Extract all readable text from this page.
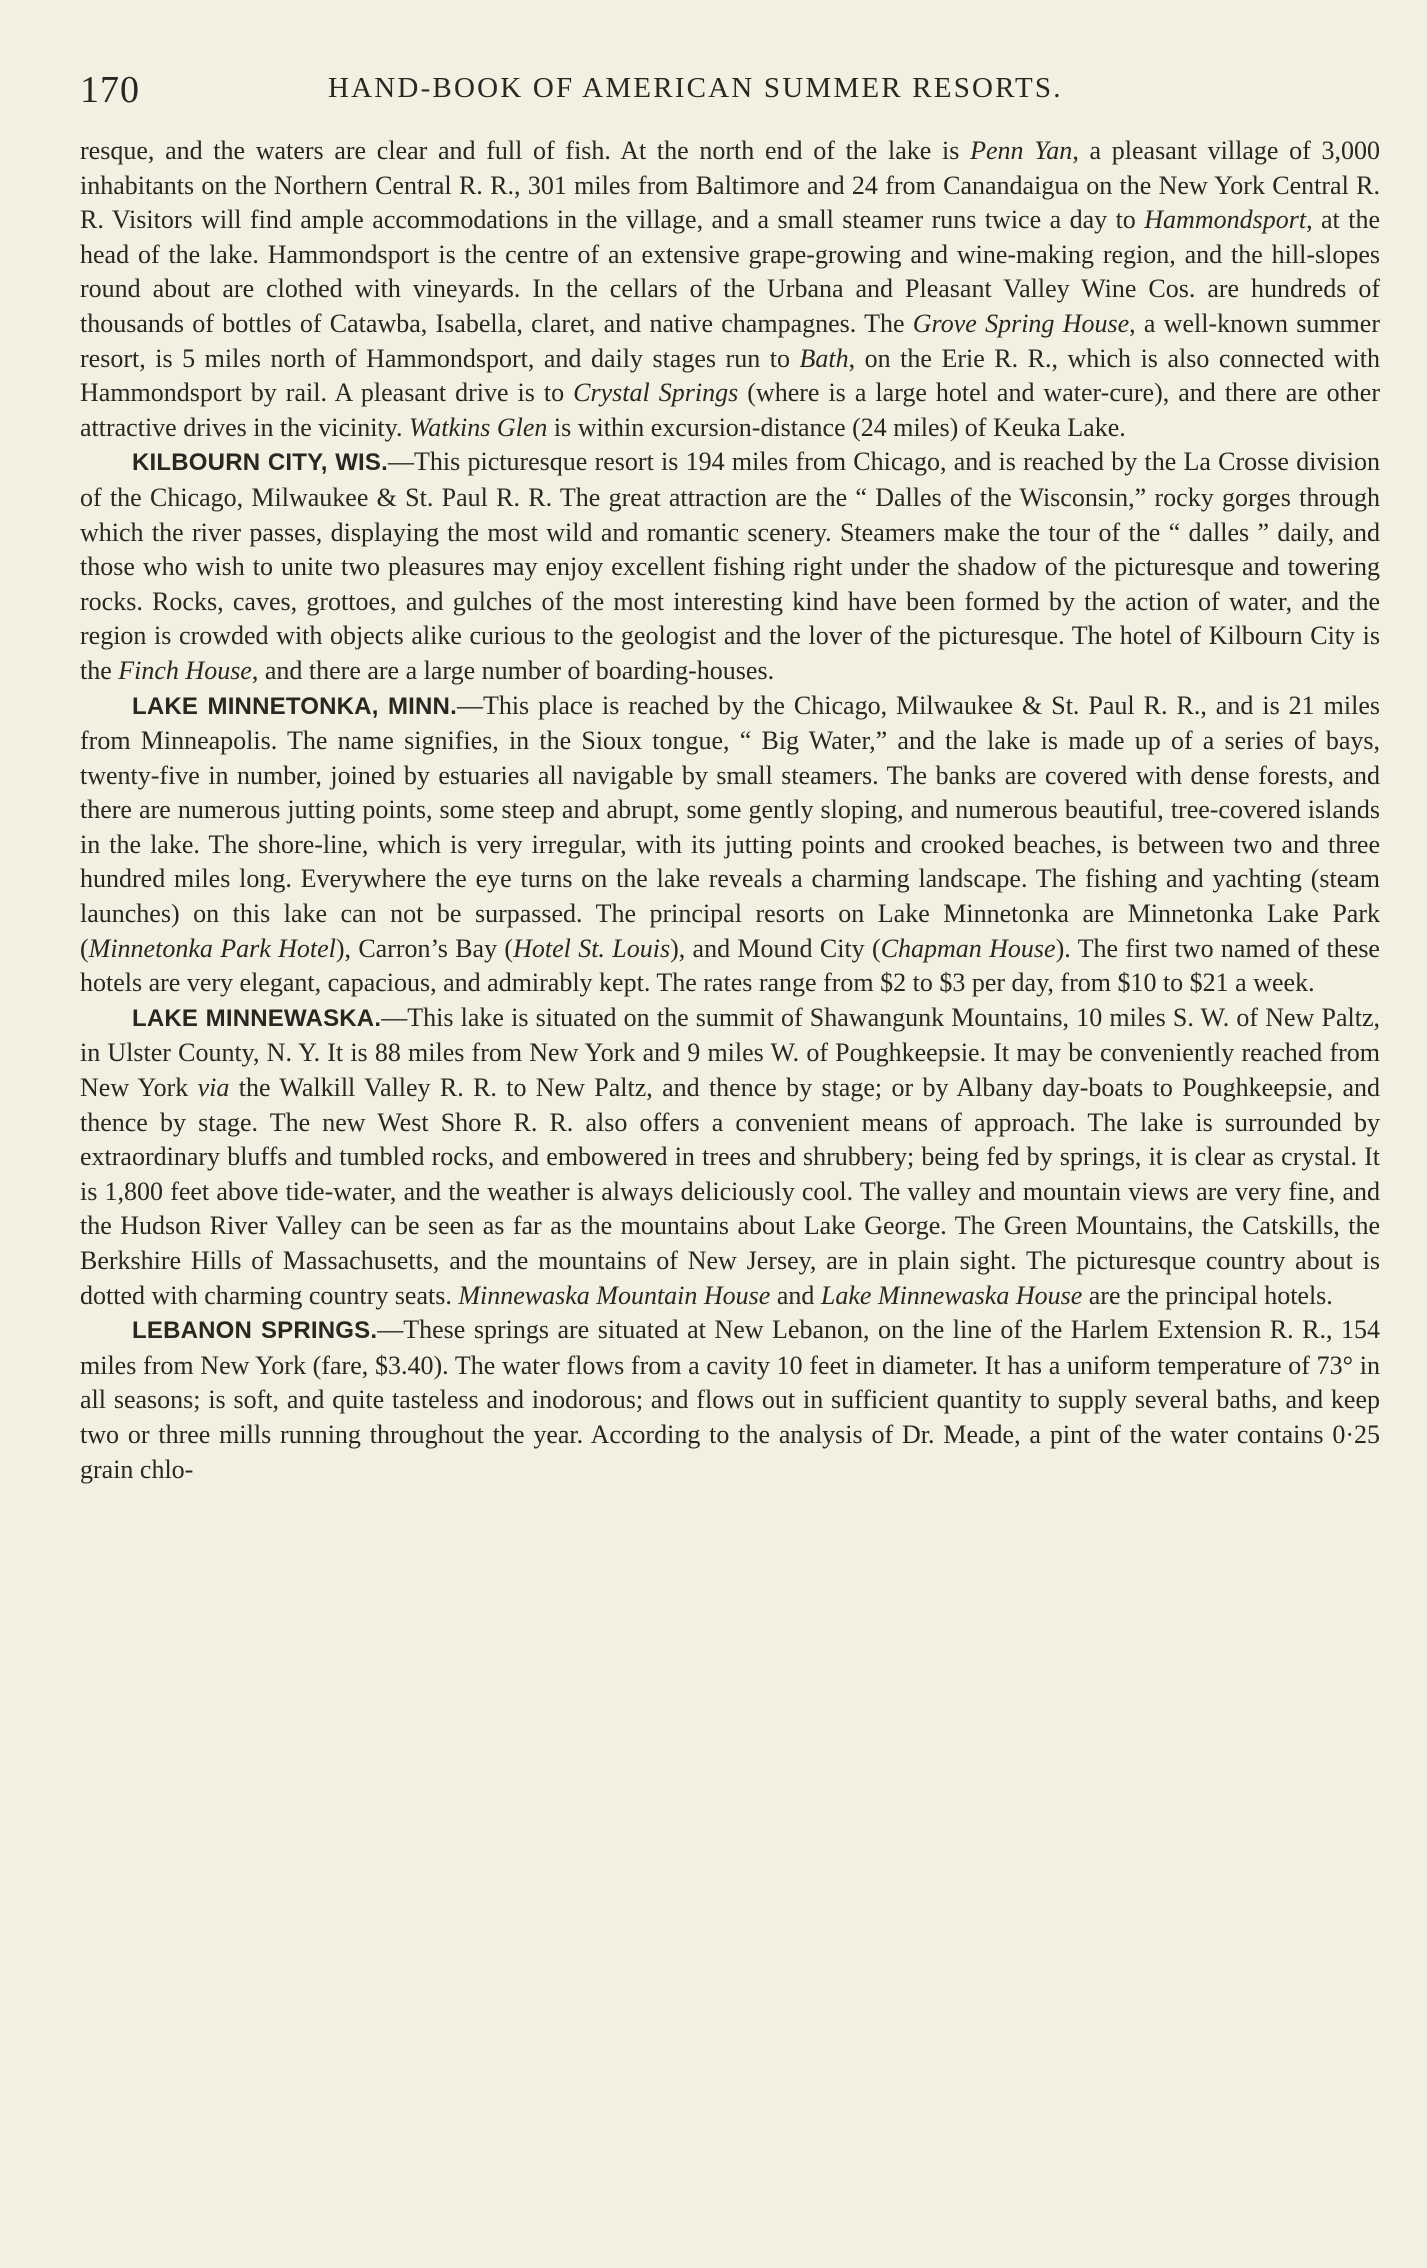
170	HAND-BOOK OF AMERICAN SUMMER RESORTS.

resque, and the waters are clear and full of fish. At the north end of the lake is Penn Yan, a pleasant village of 3,000 inhabitants on the Northern Central R. R., 301 miles from Baltimore and 24 from Canandaigua on the New York Central R. R. Visitors will find ample accommodations in the village, and a small steamer runs twice a day to Hammondsport, at the head of the lake. Hammondsport is the centre of an extensive grape-growing and wine-making region, and the hill-slopes round about are clothed with vineyards. In the cellars of the Urbana and Pleasant Valley Wine Cos. are hundreds of thousands of bottles of Catawba, Isabella, claret, and native champagnes. The Grove Spring House, a well-known summer resort, is 5 miles north of Hammondsport, and daily stages run to Bath, on the Erie R. R., which is also connected with Hammondsport by rail. A pleasant drive is to Crystal Springs (where is a large hotel and water-cure), and there are other attractive drives in the vicinity. Watkins Glen is within excursion-distance (24 miles) of Keuka Lake.

KILBOURN CITY, WIS.—This picturesque resort is 194 miles from Chicago, and is reached by the La Crosse division of the Chicago, Milwaukee & St. Paul R. R. The great attraction are the “ Dalles of the Wisconsin,” rocky gorges through which the river passes, displaying the most wild and romantic scenery. Steamers make the tour of the “ dalles ” daily, and those who wish to unite two pleasures may enjoy excellent fishing right under the shadow of the picturesque and towering rocks. Rocks, caves, grottoes, and gulches of the most interesting kind have been formed by the action of water, and the region is crowded with objects alike curious to the geologist and the lover of the picturesque. The hotel of Kilbourn City is the Finch House, and there are a large number of boarding-houses.

LAKE MINNETONKA, MINN.—This place is reached by the Chicago, Milwaukee & St. Paul R. R., and is 21 miles from Minneapolis. The name signifies, in the Sioux tongue, “ Big Water,” and the lake is made up of a series of bays, twenty-five in number, joined by estuaries all navigable by small steamers. The banks are covered with dense forests, and there are numerous jutting points, some steep and abrupt, some gently sloping, and numerous beautiful, tree-covered islands in the lake. The shore-line, which is very irregular, with its jutting points and crooked beaches, is between two and three hundred miles long. Everywhere the eye turns on the lake reveals a charming landscape. The fishing and yachting (steam launches) on this lake can not be surpassed. The principal resorts on Lake Minnetonka are Minnetonka Lake Park (Minnetonka Park Hotel), Carron’s Bay (Hotel St. Louis), and Mound City (Chapman House). The first two named of these hotels are very elegant, capacious, and admirably kept. The rates range from $2 to $3 per day, from $10 to $21 a week.

LAKE MINNEWASKA.—This lake is situated on the summit of Shawangunk Mountains, 10 miles S. W. of New Paltz, in Ulster County, N. Y. It is 88 miles from New York and 9 miles W. of Poughkeepsie. It may be conveniently reached from New York via the Walkill Valley R. R. to New Paltz, and thence by stage; or by Albany day-boats to Poughkeepsie, and thence by stage. The new West Shore R. R. also offers a convenient means of approach. The lake is surrounded by extraordinary bluffs and tumbled rocks, and embowered in trees and shrubbery; being fed by springs, it is clear as crystal. It is 1,800 feet above tide-water, and the weather is always deliciously cool. The valley and mountain views are very fine, and the Hudson River Valley can be seen as far as the mountains about Lake George. The Green Mountains, the Catskills, the Berkshire Hills of Massachusetts, and the mountains of New Jersey, are in plain sight. The picturesque country about is dotted with charming country seats. Minnewaska Mountain House and Lake Minnewaska House are the principal hotels.

LEBANON SPRINGS.—These springs are situated at New Lebanon, on the line of the Harlem Extension R. R., 154 miles from New York (fare, $3.40). The water flows from a cavity 10 feet in diameter. It has a uniform temperature of 73° in all seasons; is soft, and quite tasteless and inodorous; and flows out in sufficient quantity to supply several baths, and keep two or three mills running throughout the year. According to the analysis of Dr. Meade, a pint of the water contains 0·25 grain chlo-
